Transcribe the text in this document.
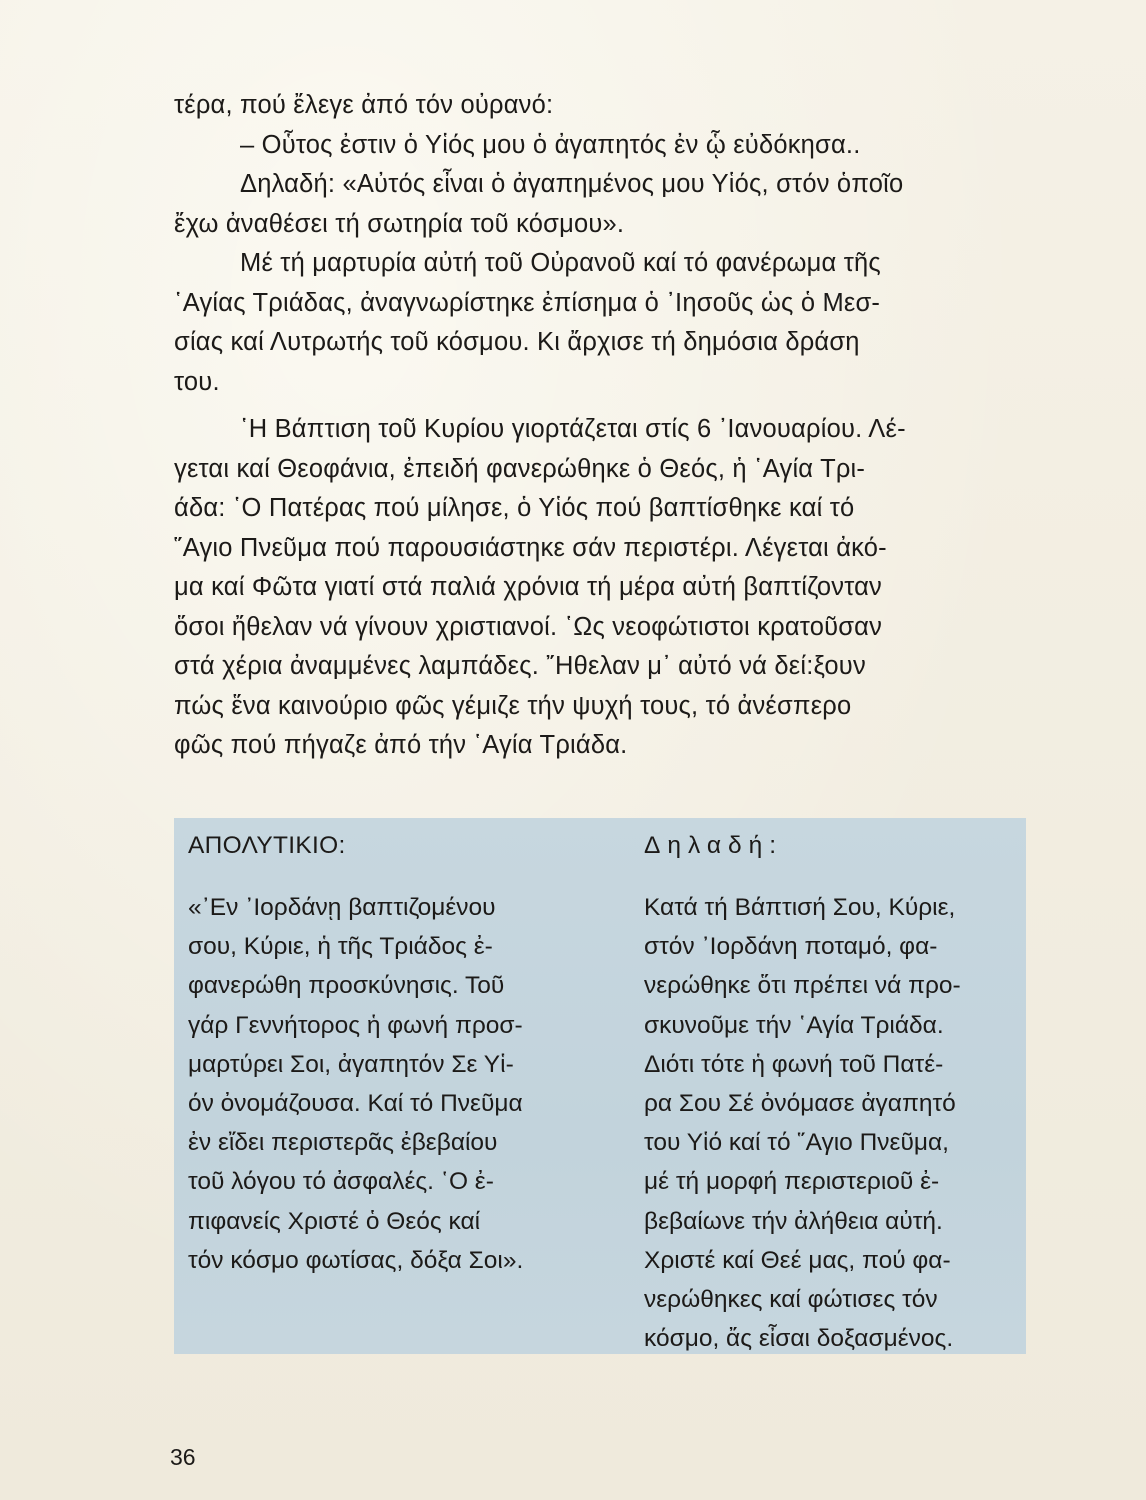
τέρα, πού ἔλεγε ἀπό τόν οὐρανό:
– Οὗτος ἐστιν ὁ Υἱός μου ὁ ἀγαπητός ἐν ᾧ εὐδόκησα..
Δηλαδή: «Αὐτός εἶναι ὁ ἀγαπημένος μου Υἱός, στόν ὁποῖο
ἔχω ἀναθέσει τή σωτηρία τοῦ κόσμου».
Μέ τή μαρτυρία αὐτή τοῦ Οὐρανοῦ καί τό φανέρωμα τῆς
῾Αγίας Τριάδας, ἀναγνωρίστηκε ἐπίσημα ὁ ᾿Ιησοῦς ὡς ὁ Μεσ-
σίας καί Λυτρωτής τοῦ κόσμου. Κι ἄρχισε τή δημόσια δράση
του.
῾Η Βάπτιση τοῦ Κυρίου γιορτάζεται στίς 6 ᾿Ιανουαρίου. Λέ-
γεται καί Θεοφάνια, ἐπειδή φανερώθηκε ὁ Θεός, ἡ ῾Αγία Τρι-
άδα: ῾Ο Πατέρας πού μίλησε, ὁ Υἱός πού βαπτίσθηκε καί τό
῞Αγιο Πνεῦμα πού παρουσιάστηκε σάν περιστέρι. Λέγεται ἀκό-
μα καί Φῶτα γιατί στά παλιά χρόνια τή μέρα αὐτή βαπτίζονταν
ὅσοι ἤθελαν νά γίνουν χριστιανοί. ῾Ως νεοφώτιστοι κρατοῦσαν
στά χέρια ἀναμμένες λαμπάδες. ῎Ηθελαν μ᾿ αὐτό νά δεί:ξουν
πώς ἕνα καινούριο φῶς γέμιζε τήν ψυχή τους, τό ἀνέσπερο
φῶς πού πήγαζε ἀπό τήν ῾Αγία Τριάδα.
ΑΠΟΛΥΤΙΚΙΟ:
«᾿Εν ᾿Ιορδάνῃ βαπτιζομένου
σου, Κύριε, ἡ τῆς Τριάδος ἐ-
φανερώθη προσκύνησις. Τοῦ
γάρ Γεννήτορος ἡ φωνή προσ-
μαρτύρει Σοι, ἀγαπητόν Σε Υἱ-
όν ὀνομάζουσα. Καί τό Πνεῦμα
ἐν εἴδει περιστερᾶς ἐβεβαίου
τοῦ λόγου τό ἀσφαλές. ῾Ο ἐ-
πιφανείς Χριστέ ὁ Θεός καί
τόν κόσμο φωτίσας, δόξα Σοι».
Δηλαδή:
Κατά τή Βάπτισή Σου, Κύριε,
στόν ᾿Ιορδάνη ποταμό, φα-
νερώθηκε ὅτι πρέπει νά προ-
σκυνοῦμε τήν ῾Αγία Τριάδα.
Διότι τότε ἡ φωνή τοῦ Πατέ-
ρα Σου Σέ ὀνόμασε ἀγαπητό
του Υἱό καί τό ῞Αγιο Πνεῦμα,
μέ τή μορφή περιστεριοῦ ἐ-
βεβαίωνε τήν ἀλήθεια αὐτή.
Χριστέ καί Θεέ μας, πού φα-
νερώθηκες καί φώτισες τόν
κόσμο, ἄς εἶσαι δοξασμένος.
36
